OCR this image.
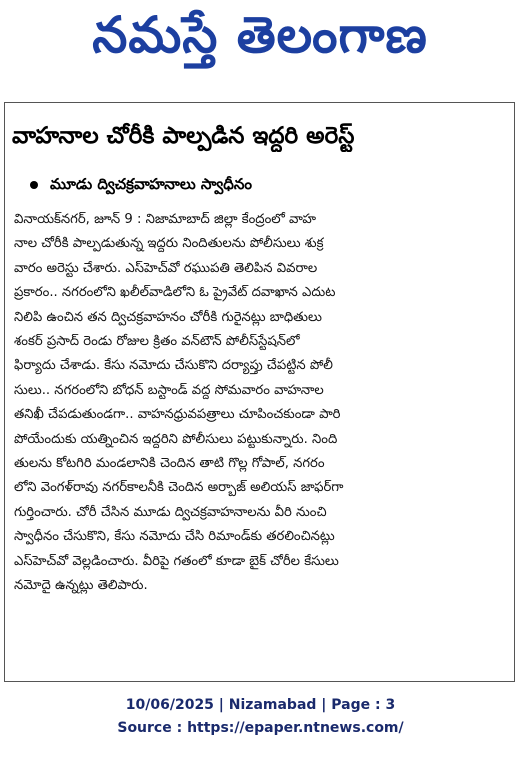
నమస్తే తెలంగాణ
వాహనాల చోరీకి పాల్పడిన ఇద్దరి అరెస్ట్
మూడు ద్విచక్రవాహనాలు స్వాధీనం
వినాయక్‌నగర్, జూన్ 9 : నిజామాబాద్ జిల్లా కేంద్రంలో వాహ
నాల చోరీకి పాల్పడుతున్న ఇద్దరు నిందితులను పోలీసులు శుక్ర
వారం అరెస్టు చేశారు. ఎస్‌హెచ్‌వో రఘుపతి తెలిపిన వివరాల
ప్రకారం.. నగరంలోని ఖలీల్‌వాడిలోని ఓ ప్రైవేట్ దవాఖాన ఎదుట
నిలిపి ఉంచిన తన ద్విచక్రవాహనం చోరీకి గురైనట్లు బాధితులు
శంకర్ ప్రసాద్ రెండు రోజుల క్రితం వన్‌టౌన్ పోలీస్‌స్టేషన్‌లో
ఫిర్యాదు చేశాడు. కేసు నమోదు చేసుకొని దర్యాప్తు చేపట్టిన పోలీ
సులు.. నగరంలోని బోధన్ బస్టాండ్ వద్ద సోమవారం వాహనాల
తనిఖీ చేపడుతుండగా.. వాహనధ్రువపత్రాలు చూపించకుండా పారి
పోయేందుకు యత్నించిన ఇద్దరిని పోలీసులు పట్టుకున్నారు. నింది
తులను కోటగిరి మండలానికి చెందిన తాటి గొల్ల గోపాల్, నగరం
లోని వెంగళ్‌రావు నగర్‌కాలనీకి చెందిన అర్బాజ్ అలియస్ జాఫర్‌గా
గుర్తించారు. చోరీ చేసిన మూడు ద్విచక్రవాహనాలను వీరి నుంచి
స్వాధీనం చేసుకొని, కేసు నమోదు చేసి రిమాండ్‌కు తరలించినట్లు
ఎస్‌హెచ్‌వో వెల్లడించారు. వీరిపై గతంలో కూడా బైక్ చోరీల కేసులు
నమోదై ఉన్నట్లు తెలిపారు.
10/06/2025 | Nizamabad | Page : 3
Source : https://epaper.ntnews.com/
